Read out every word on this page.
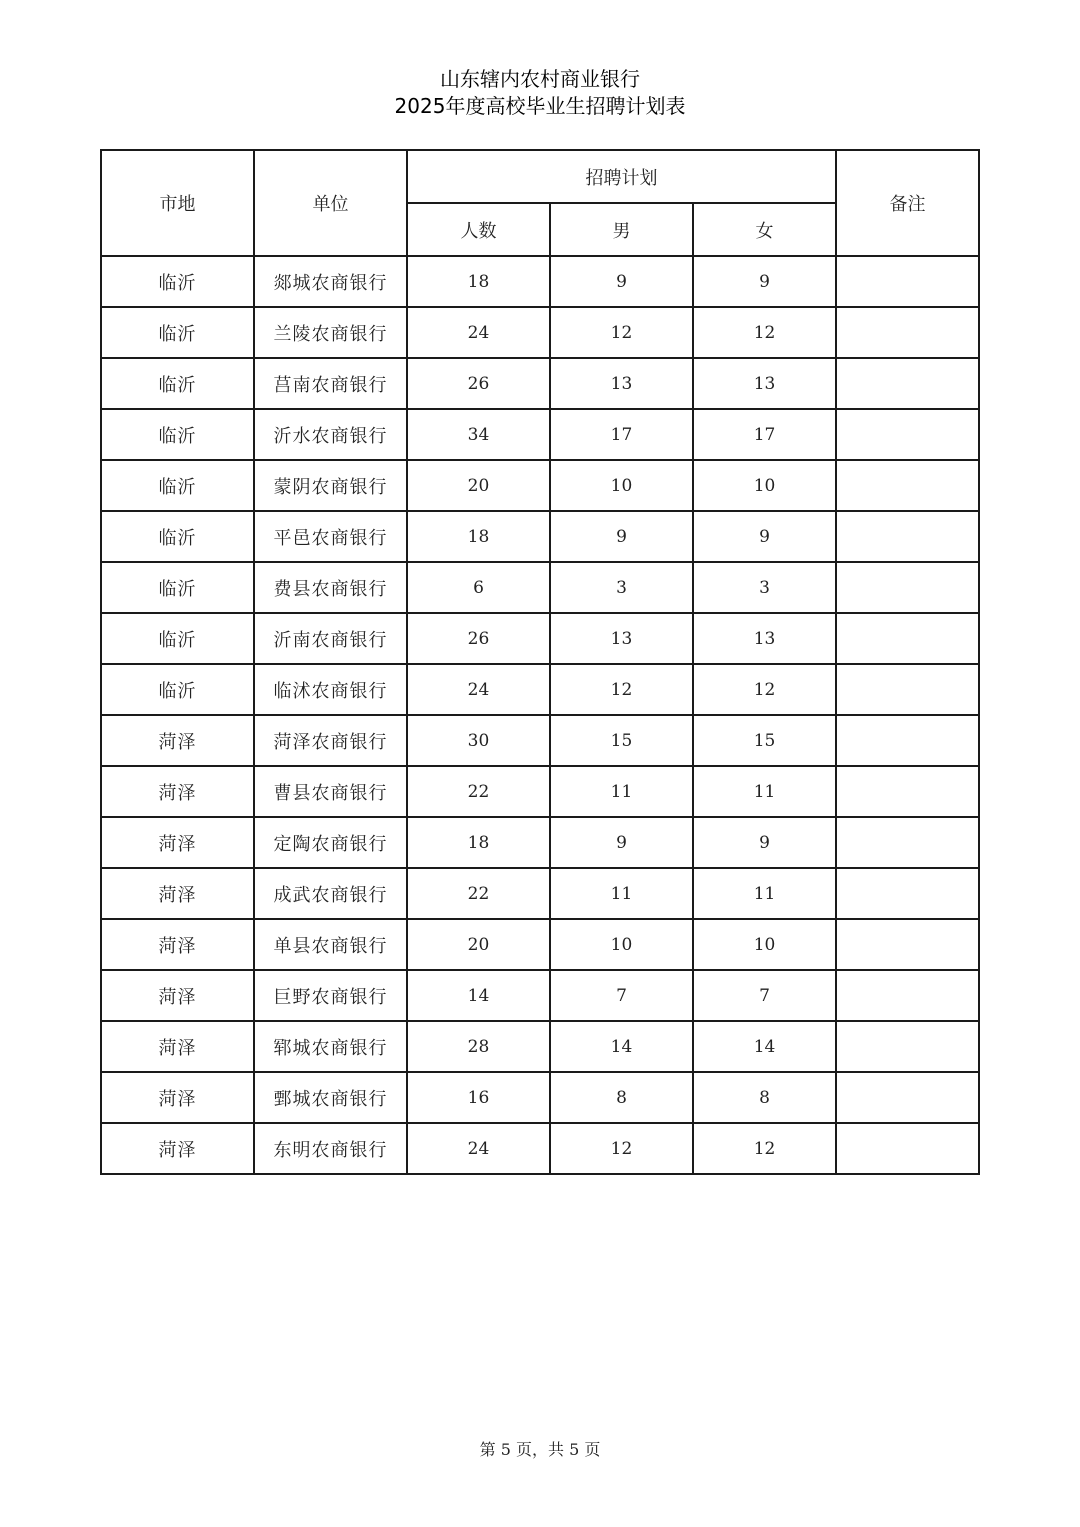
山东辖内农村商业银行
2025年度高校毕业生招聘计划表
市地	单位	招聘计划			备注
		人数	男	女	
临沂	郯城农商银行	18	9	9	
临沂	兰陵农商银行	24	12	12	
临沂	莒南农商银行	26	13	13	
临沂	沂水农商银行	34	17	17	
临沂	蒙阴农商银行	20	10	10	
临沂	平邑农商银行	18	9	9	
临沂	费县农商银行	6	3	3	
临沂	沂南农商银行	26	13	13	
临沂	临沭农商银行	24	12	12	
菏泽	菏泽农商银行	30	15	15	
菏泽	曹县农商银行	22	11	11	
菏泽	定陶农商银行	18	9	9	
菏泽	成武农商银行	22	11	11	
菏泽	单县农商银行	20	10	10	
菏泽	巨野农商银行	14	7	7	
菏泽	郓城农商银行	28	14	14	
菏泽	鄄城农商银行	16	8	8	
菏泽	东明农商银行	24	12	12	
第 5 页，共 5 页
